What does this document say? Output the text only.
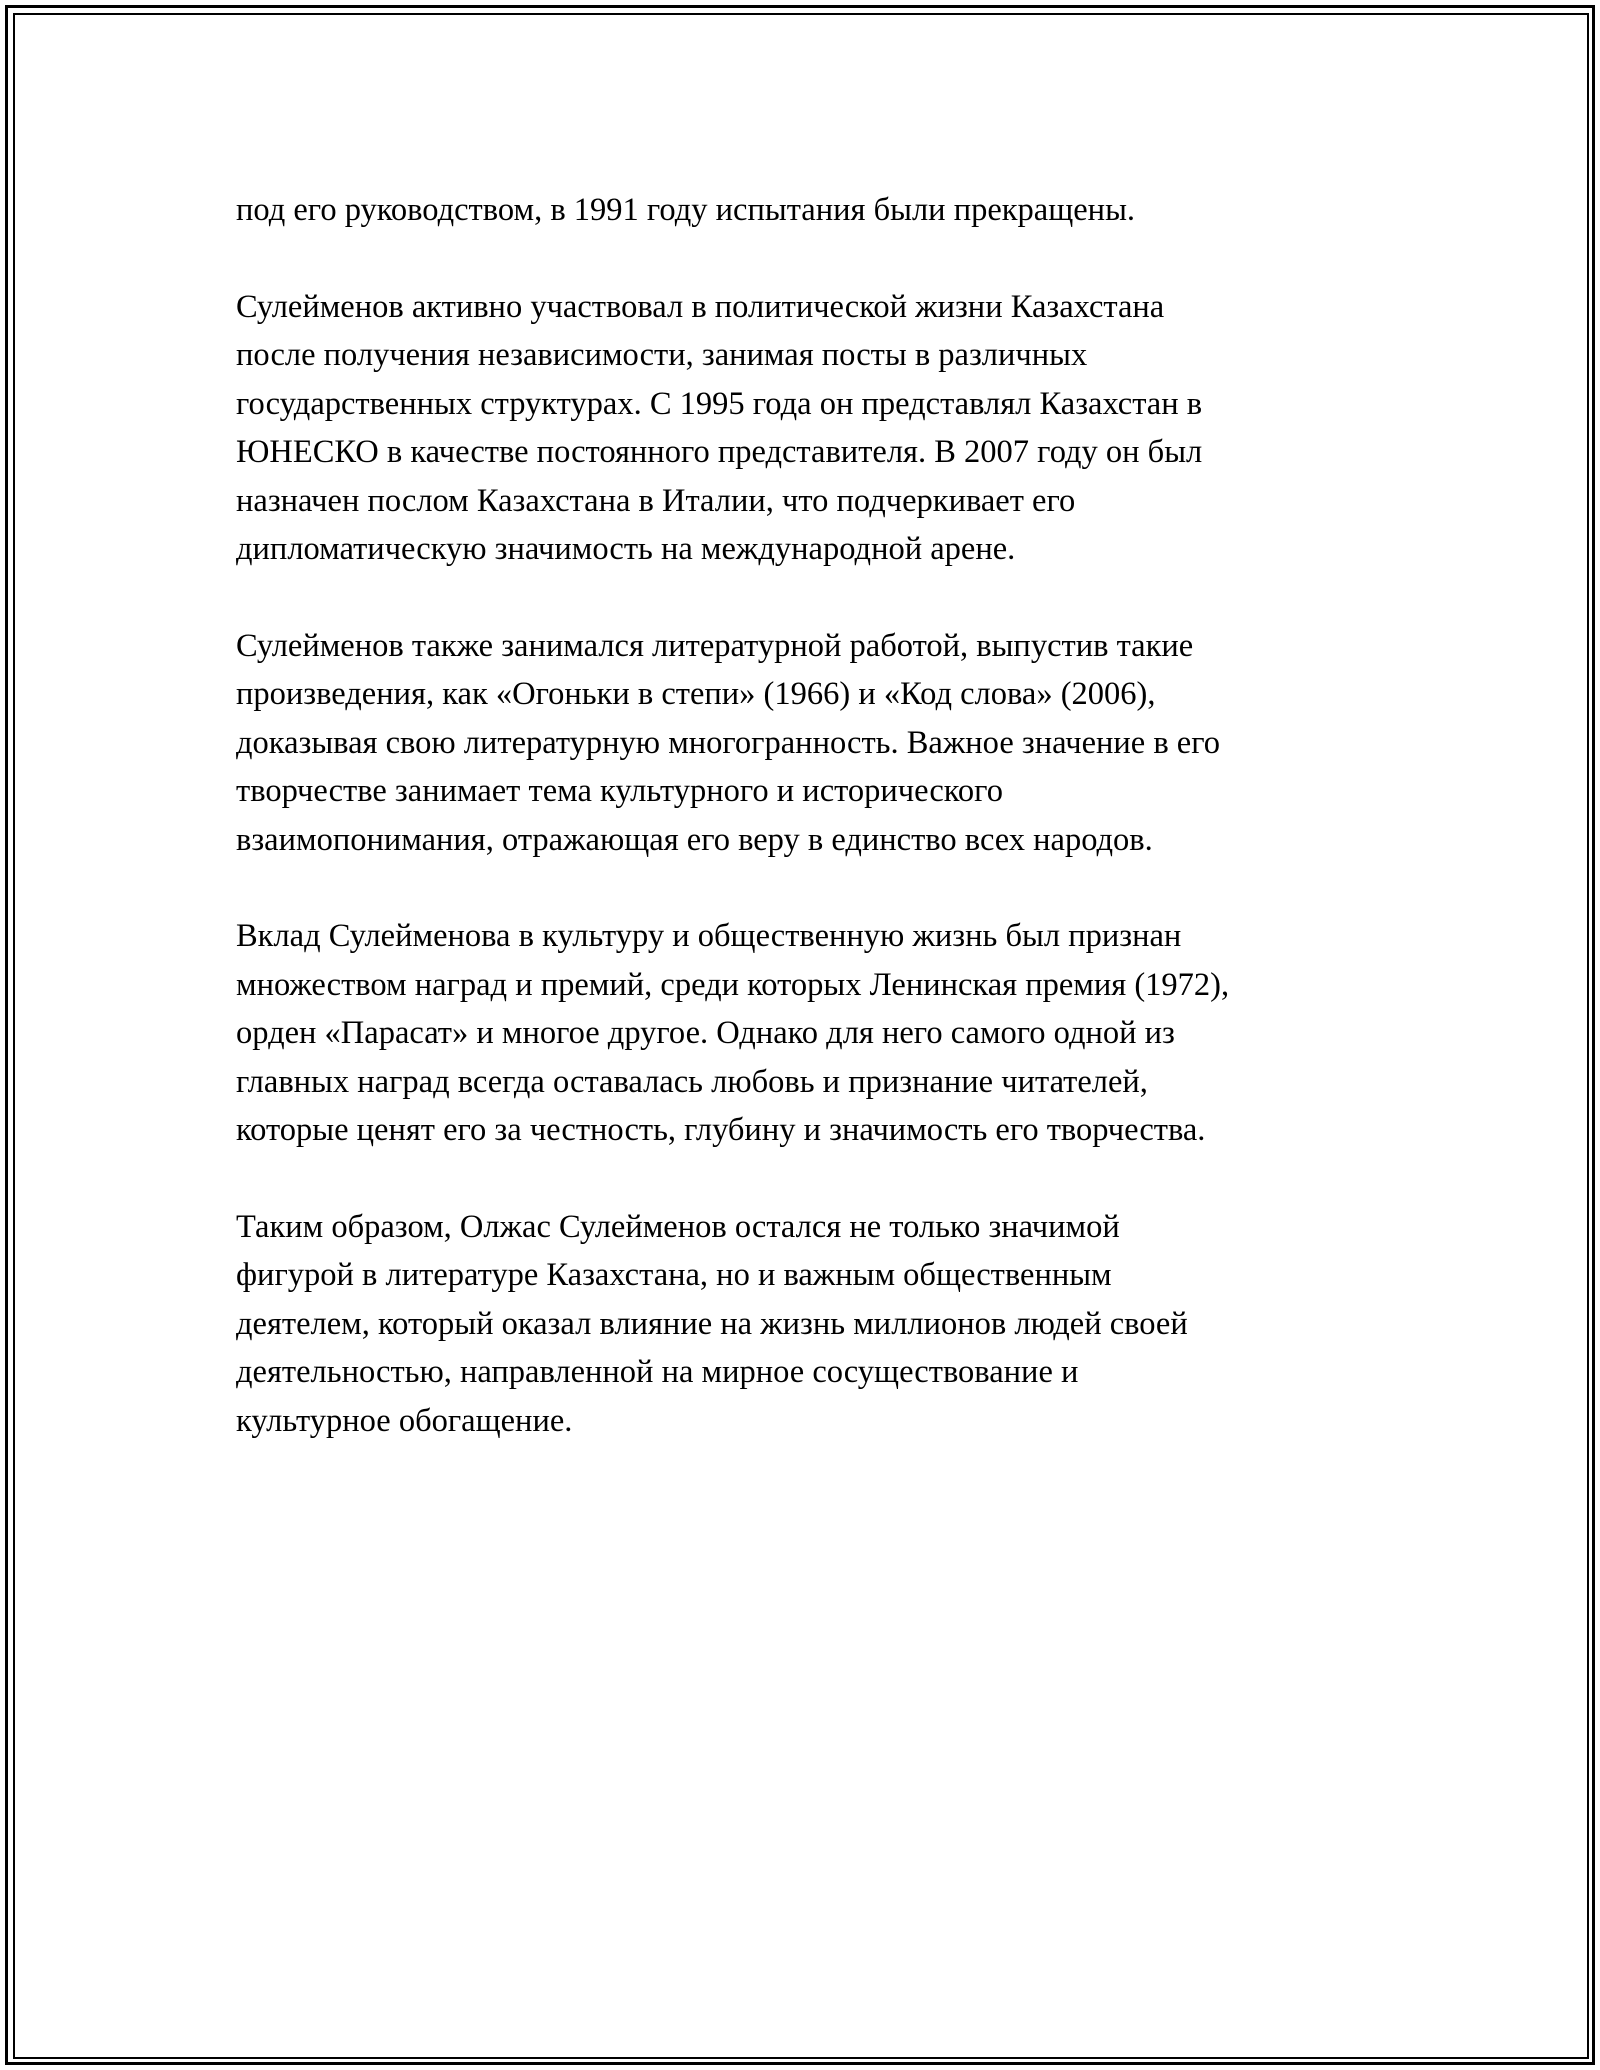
под его руководством, в 1991 году испытания были прекращены.

Сулейменов активно участвовал в политической жизни Казахстана
после получения независимости, занимая посты в различных
государственных структурах. С 1995 года он представлял Казахстан в
ЮНЕСКО в качестве постоянного представителя. В 2007 году он был
назначен послом Казахстана в Италии, что подчеркивает его
дипломатическую значимость на международной арене.

Сулейменов также занимался литературной работой, выпустив такие
произведения, как «Огоньки в степи» (1966) и «Код слова» (2006),
доказывая свою литературную многогранность. Важное значение в его
творчестве занимает тема культурного и исторического
взаимопонимания, отражающая его веру в единство всех народов.

Вклад Сулейменова в культуру и общественную жизнь был признан
множеством наград и премий, среди которых Ленинская премия (1972),
орден «Парасат» и многое другое. Однако для него самого одной из
главных наград всегда оставалась любовь и признание читателей,
которые ценят его за честность, глубину и значимость его творчества.

Таким образом, Олжас Сулейменов остался не только значимой
фигурой в литературе Казахстана, но и важным общественным
деятелем, который оказал влияние на жизнь миллионов людей своей
деятельностью, направленной на мирное сосуществование и
культурное обогащение.
